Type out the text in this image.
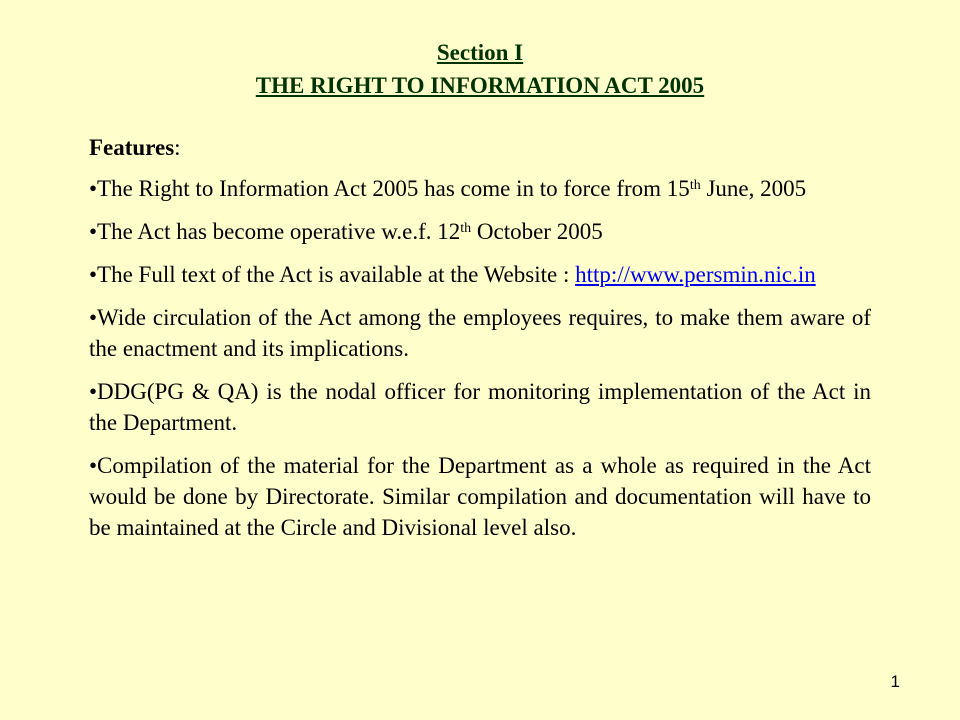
Section I
THE RIGHT TO INFORMATION ACT 2005

Features:

•The Right to Information Act 2005 has come in to force from 15th June, 2005

•The Act has become operative w.e.f. 12th October 2005

•The Full text of the Act is available at the Website : http://www.persmin.nic.in

•Wide circulation of the Act among the employees requires, to make them aware of the enactment and its implications.

•DDG(PG & QA) is the nodal officer for monitoring implementation of the Act in the Department.

•Compilation of the material for the Department as a whole as required in the Act would be done by Directorate. Similar compilation and documentation will have to be maintained at the Circle and Divisional level also.

1
